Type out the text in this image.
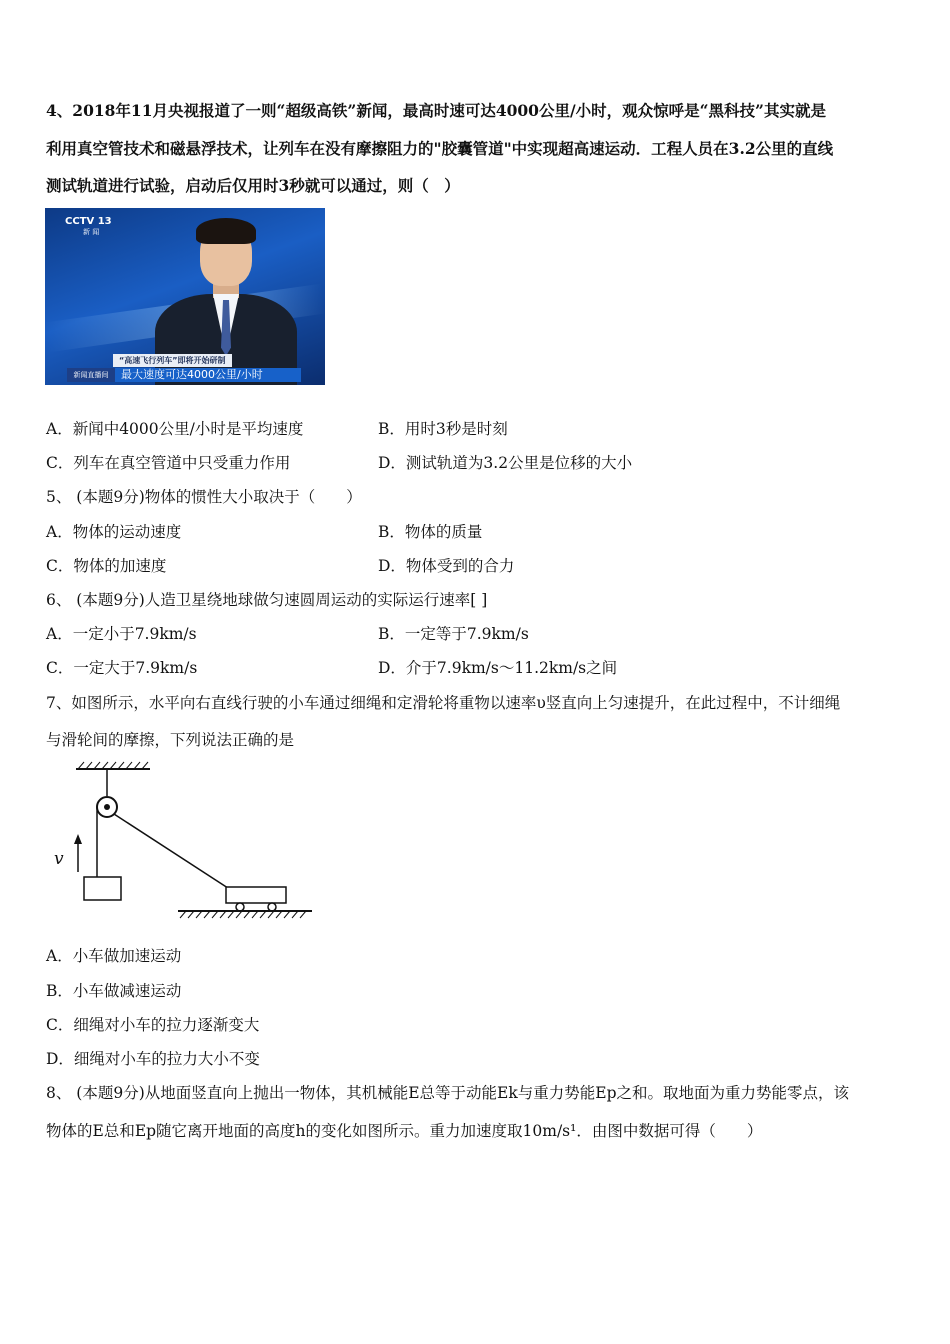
4、2018年11月央视报道了一则“超级高铁”新闻，最高时速可达4000公里/小时，观众惊呼是“黑科技”其实就是
利用真空管技术和磁悬浮技术，让列车在没有摩擦阻力的"胶囊管道"中实现超高速运动．工程人员在3.2公里的直线
测试轨道进行试验，启动后仅用时3秒就可以通过，则（　）
CCTV 13
新 闻
“高速飞行列车”即将开始研制
新闻直播间	最大速度可达4000公里/小时
A．新闻中4000公里/小时是平均速度	B．用时3秒是时刻
C．列车在真空管道中只受重力作用	D．测试轨道为3.2公里是位移的大小
5、 (本题9分)物体的惯性大小取决于（　　）
A．物体的运动速度	B．物体的质量
C．物体的加速度	D．物体受到的合力
6、 (本题9分)人造卫星绕地球做匀速圆周运动的实际运行速率[ ]
A．一定小于7.9km/s	B．一定等于7.9km/s
C．一定大于7.9km/s	D．介于7.9km/s～11.2km/s之间
7、如图所示，水平向右直线行驶的小车通过细绳和定滑轮将重物以速率υ竖直向上匀速提升，在此过程中，不计细绳
与滑轮间的摩擦，下列说法正确的是
v
A．小车做加速运动
B．小车做减速运动
C．细绳对小车的拉力逐渐变大
D．细绳对小车的拉力大小不变
8、 (本题9分)从地面竖直向上抛出一物体，其机械能E总等于动能Ek与重力势能Ep之和。取地面为重力势能零点，该
物体的E总和Ep随它离开地面的高度h的变化如图所示。重力加速度取10m/s¹．由图中数据可得（　　）
